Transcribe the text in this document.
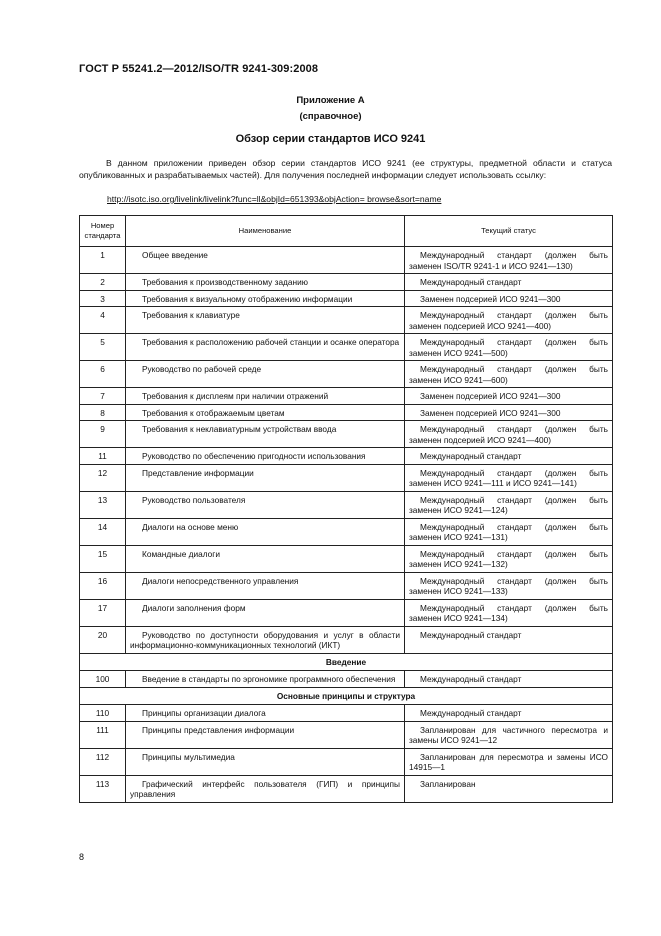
ГОСТ Р 55241.2—2012/ISO/TR 9241-309:2008
Приложение А
(справочное)
Обзор серии стандартов ИСО 9241

В данном приложении приведен обзор серии стандартов ИСО 9241 (ее структуры, предметной области и статуса опубликованных и разрабатываемых частей). Для получения последней информации следует использовать ссылку:

http://isotc.iso.org/livelink/livelink?func=ll&objId=651393&objAction= browse&sort=name
Номер стандарта	Наименование	Текущий статус
1	Общее введение	Международный стандарт (должен быть заменен ISO/TR 9241-1 и ИСО 9241—130)
2	Требования к производственному заданию	Международный стандарт
3	Требования к визуальному отображению информации	Заменен подсерией ИСО 9241—300
4	Требования к клавиатуре	Международный стандарт (должен быть заменен подсерией ИСО 9241—400)
5	Требования к расположению рабочей станции и осанке оператора	Международный стандарт (должен быть заменен ИСО 9241—500)
6	Руководство по рабочей среде	Международный стандарт (должен быть заменен ИСО 9241—600)
7	Требования к дисплеям при наличии отражений	Заменен подсерией ИСО 9241—300
8	Требования к отображаемым цветам	Заменен подсерией ИСО 9241—300
9	Требования к неклавиатурным устройствам ввода	Международный стандарт (должен быть заменен подсерией ИСО 9241—400)
11	Руководство по обеспечению пригодности использования	Международный стандарт
12	Представление информации	Международный стандарт (должен быть заменен ИСО 9241—111 и ИСО 9241—141)
13	Руководство пользователя	Международный стандарт (должен быть заменен ИСО 9241—124)
14	Диалоги на основе меню	Международный стандарт (должен быть заменен ИСО 9241—131)
15	Командные диалоги	Международный стандарт (должен быть заменен ИСО 9241—132)
16	Диалоги непосредственного управления	Международный стандарт (должен быть заменен ИСО 9241—133)
17	Диалоги заполнения форм	Международный стандарт (должен быть заменен ИСО 9241—134)
20	Руководство по доступности оборудования и услуг в области информационно-коммуникационных технологий (ИКТ)	Международный стандарт
Введение		
100	Введение в стандарты по эргономике программного обеспечения	Международный стандарт
Основные принципы и структура		
110	Принципы организации диалога	Международный стандарт
111	Принципы представления информации	Запланирован для частичного пересмотра и замены ИСО 9241—12
112	Принципы мультимедиа	Запланирован для пересмотра и замены ИСО 14915—1
113	Графический интерфейс пользователя (ГИП) и принципы управления	Запланирован
8
